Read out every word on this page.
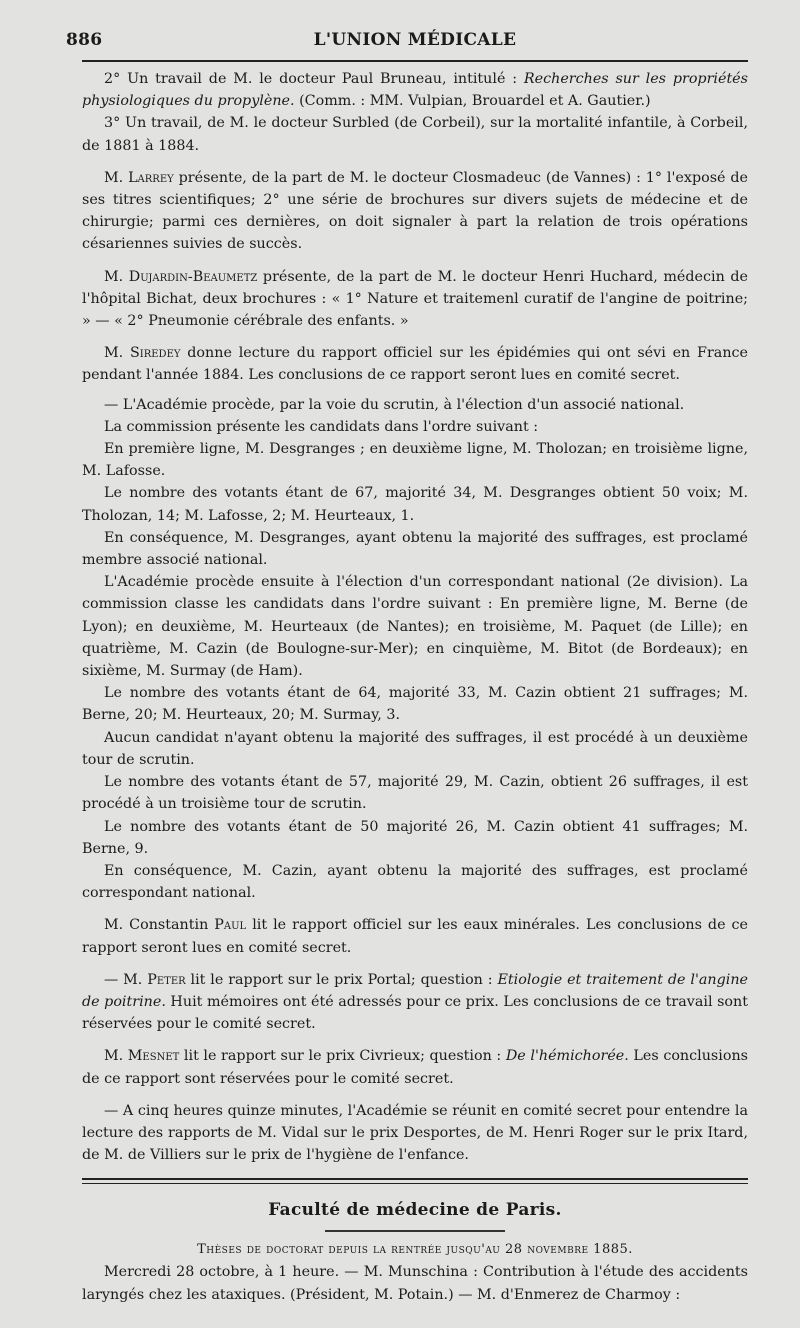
886	L'UNION MÉDICALE

2° Un travail de M. le docteur Paul Bruneau, intitulé : Recherches sur les propriétés physiologiques du propylène. (Comm. : MM. Vulpian, Brouardel et A. Gautier.)

3° Un travail, de M. le docteur Surbled (de Corbeil), sur la mortalité infantile, à Corbeil, de 1881 à 1884.

M. Larrey présente, de la part de M. le docteur Closmadeuc (de Vannes) : 1° l'exposé de ses titres scientifiques; 2° une série de brochures sur divers sujets de médecine et de chirurgie; parmi ces dernières, on doit signaler à part la relation de trois opérations césariennes suivies de succès.

M. Dujardin-Beaumetz présente, de la part de M. le docteur Henri Huchard, médecin de l'hôpital Bichat, deux brochures : « 1° Nature et traitemenl curatif de l'angine de poitrine; » — « 2° Pneumonie cérébrale des enfants. »

M. Siredey donne lecture du rapport officiel sur les épidémies qui ont sévi en France pendant l'année 1884. Les conclusions de ce rapport seront lues en comité secret.

— L'Académie procède, par la voie du scrutin, à l'élection d'un associé national.

La commission présente les candidats dans l'ordre suivant :

En première ligne, M. Desgranges ; en deuxième ligne, M. Tholozan; en troisième ligne, M. Lafosse.

Le nombre des votants étant de 67, majorité 34, M. Desgranges obtient 50 voix; M. Tholozan, 14; M. Lafosse, 2; M. Heurteaux, 1.

En conséquence, M. Desgranges, ayant obtenu la majorité des suffrages, est proclamé membre associé national.

L'Académie procède ensuite à l'élection d'un correspondant national (2e division). La commission classe les candidats dans l'ordre suivant : En première ligne, M. Berne (de Lyon); en deuxième, M. Heurteaux (de Nantes); en troisième, M. Paquet (de Lille); en quatrième, M. Cazin (de Boulogne-sur-Mer); en cinquième, M. Bitot (de Bordeaux); en sixième, M. Surmay (de Ham).

Le nombre des votants étant de 64, majorité 33, M. Cazin obtient 21 suffrages; M. Berne, 20; M. Heurteaux, 20; M. Surmay, 3.

Aucun candidat n'ayant obtenu la majorité des suffrages, il est procédé à un deuxième tour de scrutin.

Le nombre des votants étant de 57, majorité 29, M. Cazin, obtient 26 suffrages, il est procédé à un troisième tour de scrutin.

Le nombre des votants étant de 50 majorité 26, M. Cazin obtient 41 suffrages; M. Berne, 9.

En conséquence, M. Cazin, ayant obtenu la majorité des suffrages, est proclamé correspondant national.

M. Constantin Paul lit le rapport officiel sur les eaux minérales. Les conclusions de ce rapport seront lues en comité secret.

— M. Peter lit le rapport sur le prix Portal; question : Etiologie et traitement de l'angine de poitrine. Huit mémoires ont été adressés pour ce prix. Les conclusions de ce travail sont réservées pour le comité secret.

M. Mesnet lit le rapport sur le prix Civrieux; question : De l'hémichorée. Les conclusions de ce rapport sont réservées pour le comité secret.

— A cinq heures quinze minutes, l'Académie se réunit en comité secret pour entendre la lecture des rapports de M. Vidal sur le prix Desportes, de M. Henri Roger sur le prix Itard, de M. de Villiers sur le prix de l'hygiène de l'enfance.

Faculté de médecine de Paris.
Thèses de doctorat depuis la rentrée jusqu'au 28 novembre 1885.

Mercredi 28 octobre, à 1 heure. — M. Munschina : Contribution à l'étude des accidents laryngés chez les ataxiques. (Président, M. Potain.) — M. d'Enmerez de Charmoy :
